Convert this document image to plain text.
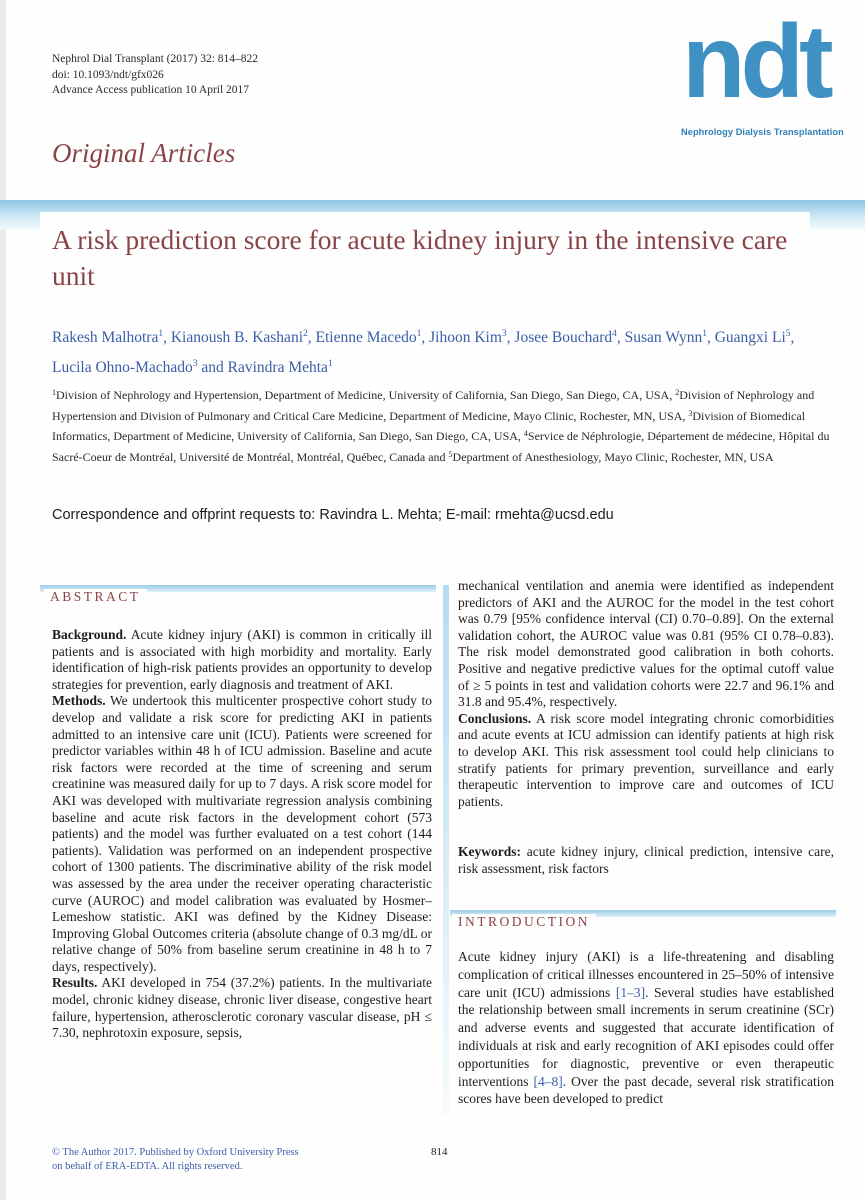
Nephrol Dial Transplant (2017) 32: 814–822
doi: 10.1093/ndt/gfx026
Advance Access publication 10 April 2017	ndt
Nephrology Dialysis Transplantation
Original Articles
A risk prediction score for acute kidney injury in the intensive care unit
Rakesh Malhotra$^1$, Kianoush B. Kashani$^2$, Etienne Macedo$^1$, Jihoon Kim$^3$, Josee Bouchard$^4$, Susan Wynn$^1$, Guangxi Li$^5$, Lucila Ohno-Machado$^3$ and Ravindra Mehta$^1$
$^1$Division of Nephrology and Hypertension, Department of Medicine, University of California, San Diego, San Diego, CA, USA, $^2$Division of Nephrology and Hypertension and Division of Pulmonary and Critical Care Medicine, Department of Medicine, Mayo Clinic, Rochester, MN, USA, $^3$Division of Biomedical Informatics, Department of Medicine, University of California, San Diego, San Diego, CA, USA, $^4$Service de Néphrologie, Département de médecine, Hôpital du Sacré-Coeur de Montréal, Université de Montréal, Montréal, Québec, Canada and $^5$Department of Anesthesiology, Mayo Clinic, Rochester, MN, USA
Correspondence and offprint requests to: Ravindra L. Mehta; E-mail: rmehta@ucsd.edu
ABSTRACT

Background. Acute kidney injury (AKI) is common in critically ill patients and is associated with high morbidity and mortality. Early identification of high-risk patients provides an opportunity to develop strategies for prevention, early diagnosis and treatment of AKI.

Methods. We undertook this multicenter prospective cohort study to develop and validate a risk score for predicting AKI in patients admitted to an intensive care unit (ICU). Patients were screened for predictor variables within 48 h of ICU admission. Baseline and acute risk factors were recorded at the time of screening and serum creatinine was measured daily for up to 7 days. A risk score model for AKI was developed with multivariate regression analysis combining baseline and acute risk factors in the development cohort (573 patients) and the model was further evaluated on a test cohort (144 patients). Validation was performed on an independent prospective cohort of 1300 patients. The discriminative ability of the risk model was assessed by the area under the receiver operating characteristic curve (AUROC) and model calibration was evaluated by Hosmer–Lemeshow statistic. AKI was defined by the Kidney Disease: Improving Global Outcomes criteria (absolute change of 0.3 mg/dL or relative change of 50% from baseline serum creatinine in 48 h to 7 days, respectively).

Results. AKI developed in 754 (37.2%) patients. In the multivariate model, chronic kidney disease, chronic liver disease, congestive heart failure, hypertension, atherosclerotic coronary vascular disease, pH ≤ 7.30, nephrotoxin exposure, sepsis,

mechanical ventilation and anemia were identified as independent predictors of AKI and the AUROC for the model in the test cohort was 0.79 [95% confidence interval (CI) 0.70–0.89]. On the external validation cohort, the AUROC value was 0.81 (95% CI 0.78–0.83). The risk model demonstrated good calibration in both cohorts. Positive and negative predictive values for the optimal cutoff value of ≥ 5 points in test and validation cohorts were 22.7 and 96.1% and 31.8 and 95.4%, respectively.

Conclusions. A risk score model integrating chronic comorbidities and acute events at ICU admission can identify patients at high risk to develop AKI. This risk assessment tool could help clinicians to stratify patients for primary prevention, surveillance and early therapeutic intervention to improve care and outcomes of ICU patients.

Keywords: acute kidney injury, clinical prediction, intensive care, risk assessment, risk factors

INTRODUCTION

Acute kidney injury (AKI) is a life-threatening and disabling complication of critical illnesses encountered in 25–50% of intensive care unit (ICU) admissions [1–3]. Several studies have established the relationship between small increments in serum creatinine (SCr) and adverse events and suggested that accurate identification of individuals at risk and early recognition of AKI episodes could offer opportunities for diagnostic, preventive or even therapeutic interventions [4–8]. Over the past decade, several risk stratification scores have been developed to predict

© The Author 2017. Published by Oxford University Press
on behalf of ERA-EDTA. All rights reserved.
814
